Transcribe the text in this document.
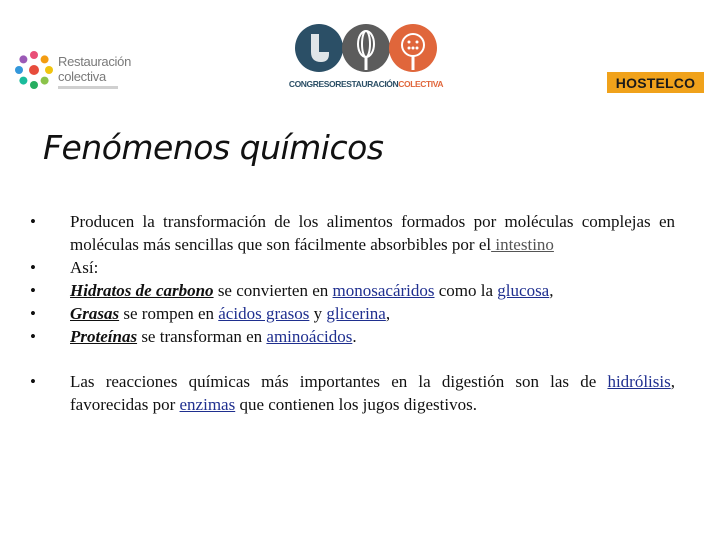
Restauración
colectiva	CONGRESORESTAURACIÓNCOLECTIVA	HOSTELCO
Fenómenos químicos
• Producen la transformación de los alimentos formados por moléculas complejas en moléculas más sencillas que son fácilmente absorbibles por el intestino
• Así:
• Hidratos de carbono se convierten en monosacáridos como la glucosa,
• Grasas se rompen en ácidos grasos y glicerina,
• Proteínas se transforman en aminoácidos.
• Las reacciones químicas más importantes en la digestión son las de hidrólisis, favorecidas por enzimas que contienen los jugos digestivos.
